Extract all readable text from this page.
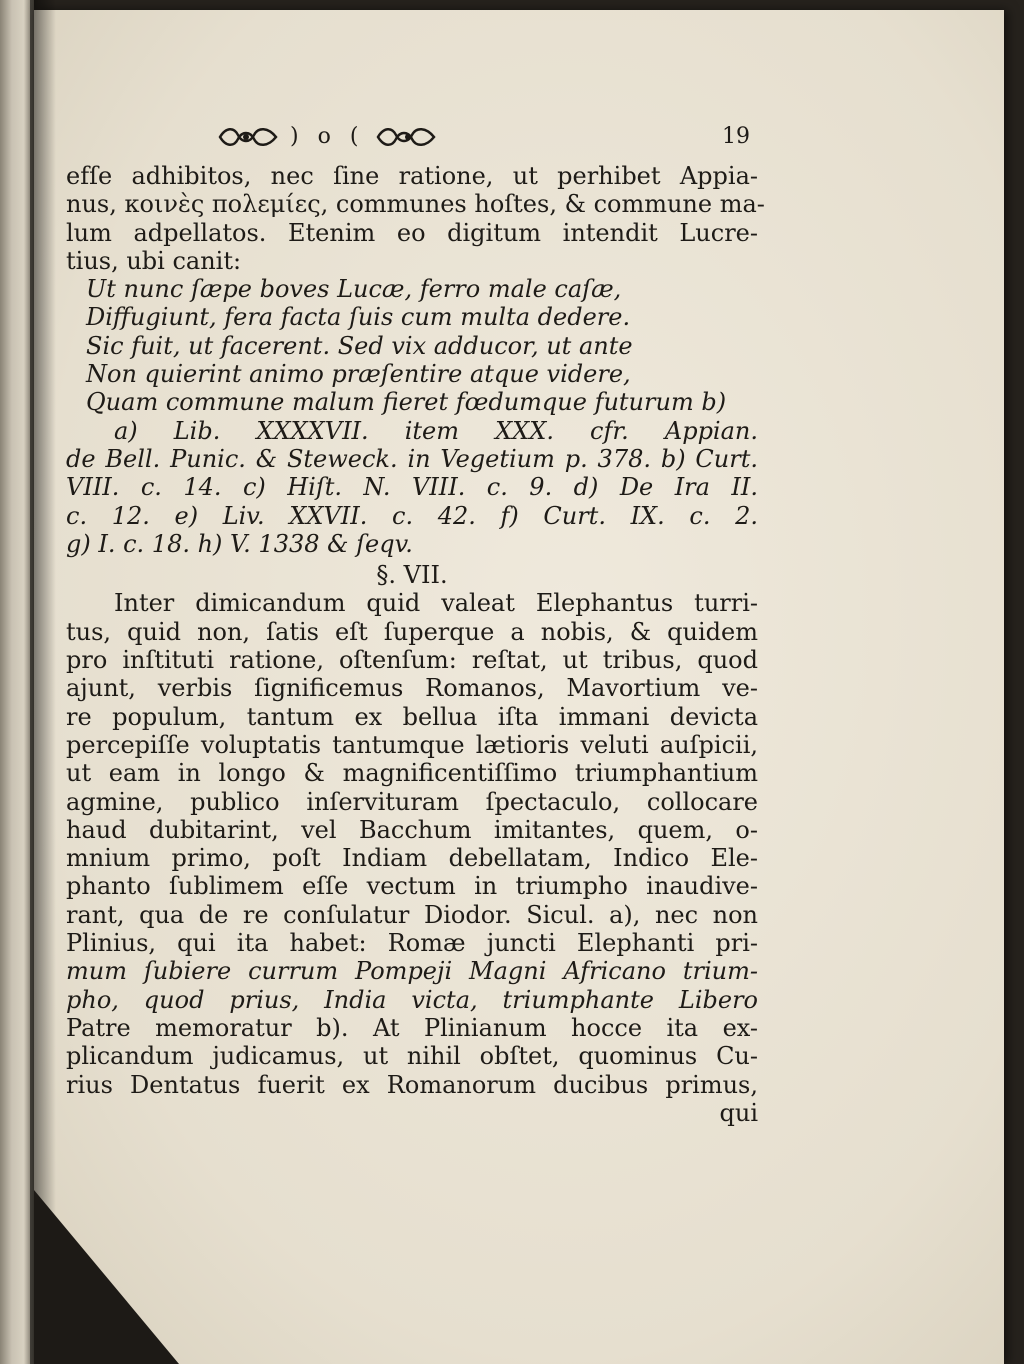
) o (	19
efſe adhibitos, nec ſine ratione, ut perhibet Appia-
nus, κοινὲς πολεμίες, communes hoſtes, & commune ma-
lum adpellatos. Etenim eo digitum intendit Lucre-
tius, ubi canit:
Ut nunc ſæpe boves Lucæ, ferro male caſæ,
Diffugiunt, fera facta ſuis cum multa dedere.
Sic fuit, ut facerent. Sed vix adducor, ut ante
Non quierint animo præſentire atque videre,
Quam commune malum fieret fœdumque futurum b)
a) Lib. XXXXVII. item XXX. cfr. Appian.
de Bell. Punic. & Steweck. in Vegetium p. 378. b) Curt.
VIII. c. 14. c) Hiſt. N. VIII. c. 9. d) De Ira II.
c. 12. e) Liv. XXVII. c. 42. f) Curt. IX. c. 2.
g) I. c. 18. h) V. 1338 & ſeqv.
§. VII.
Inter dimicandum quid valeat Elephantus turri-
tus, quid non, ſatis eſt ſuperque a nobis, & quidem
pro inſtituti ratione, oſtenſum: reſtat, ut tribus, quod
ajunt, verbis ſignificemus Romanos, Mavortium ve-
re populum, tantum ex bellua iſta immani devicta
percepiſſe voluptatis tantumque lætioris veluti auſpicii,
ut eam in longo & magnificentiſſimo triumphantium
agmine, publico inſervituram ſpectaculo, collocare
haud dubitarint, vel Bacchum imitantes, quem, o-
mnium primo, poſt Indiam debellatam, Indico Ele-
phanto ſublimem eſſe vectum in triumpho inaudive-
rant, qua de re conſulatur Diodor. Sicul. a), nec non
Plinius, qui ita habet: Romæ juncti Elephanti pri-
mum ſubiere currum Pompeji Magni Africano trium-
pho, quod prius, India victa, triumphante Libero
Patre memoratur b). At Plinianum hocce ita ex-
plicandum judicamus, ut nihil obſtet, quominus Cu-
rius Dentatus fuerit ex Romanorum ducibus primus,
qui
